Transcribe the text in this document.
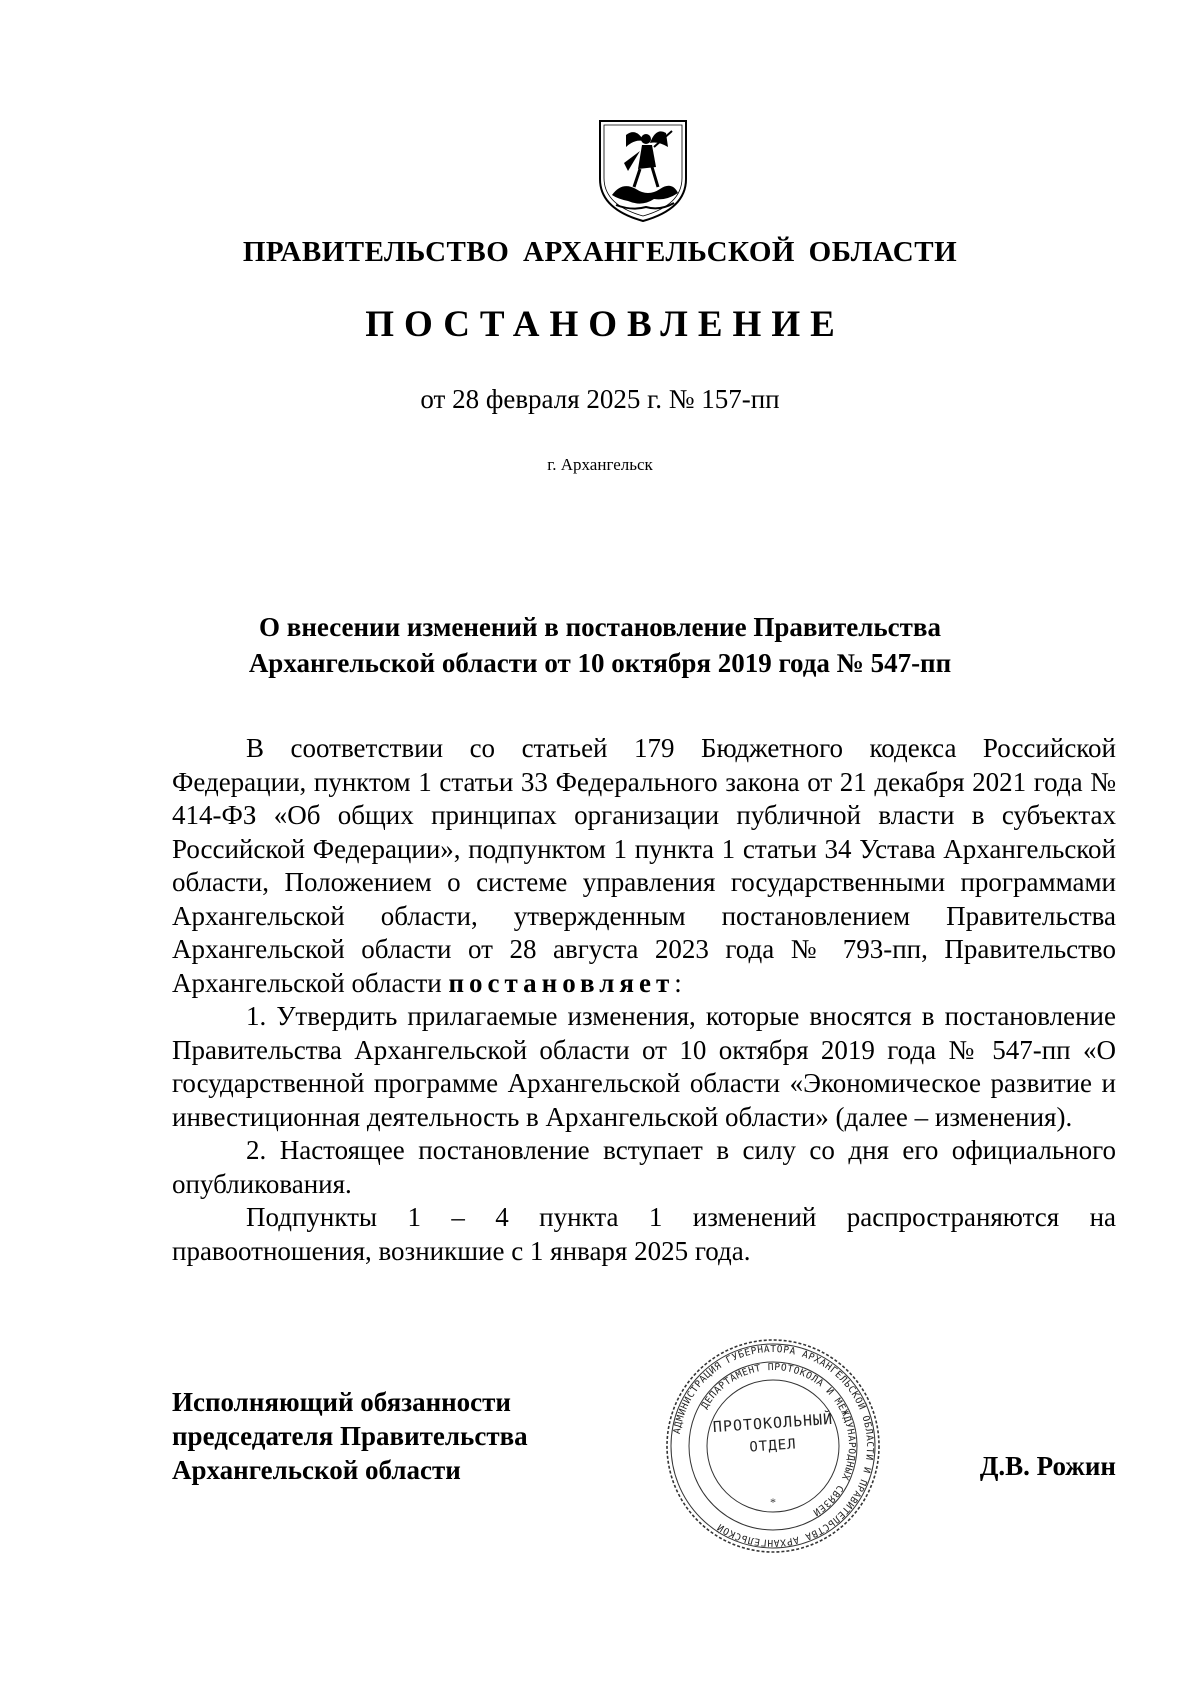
ПРАВИТЕЛЬСТВО АРХАНГЕЛЬСКОЙ ОБЛАСТИ
ПОСТАНОВЛЕНИЕ
от 28 февраля 2025 г. № 157-пп
г. Архангельск
О внесении изменений в постановление Правительства
Архангельской области от 10 октября 2019 года № 547-пп

В соответствии со статьей 179 Бюджетного кодекса Российской Федерации, пунктом 1 статьи 33 Федерального закона от 21 декабря 2021 года № 414-ФЗ «Об общих принципах организации публичной власти в субъектах Российской Федерации», подпунктом 1 пункта 1 статьи 34 Устава Архангельской области, Положением о системе управления государственными программами Архангельской области, утвержденным постановлением Правительства Архангельской области от 28 августа 2023 года № 793-пп, Правительство Архангельской области постановляет:

1. Утвердить прилагаемые изменения, которые вносятся в постановление Правительства Архангельской области от 10 октября 2019 года № 547-пп «О государственной программе Архангельской области «Экономическое развитие и инвестиционная деятельность в Архангельской области» (далее – изменения).

2. Настоящее постановление вступает в силу со дня его официального опубликования.

Подпункты 1 – 4 пункта 1 изменений распространяются на правоотношения, возникшие с 1 января 2025 года.

Исполняющий обязанности
председателя Правительства
Архангельской области
АДМИНИСТРАЦИЯ ГУБЕРНАТОРА АРХАНГЕЛЬСКОЙ ОБЛАСТИ И ПРАВИТЕЛЬСТВА АРХАНГЕЛЬСКОЙ
ДЕПАРТАМЕНТ ПРОТОКОЛА И МЕЖДУНАРОДНЫХ СВЯЗЕЙ
*
ПРОТОКОЛЬНЫЙ
ОТДЕЛ
Д.В. Рожин
